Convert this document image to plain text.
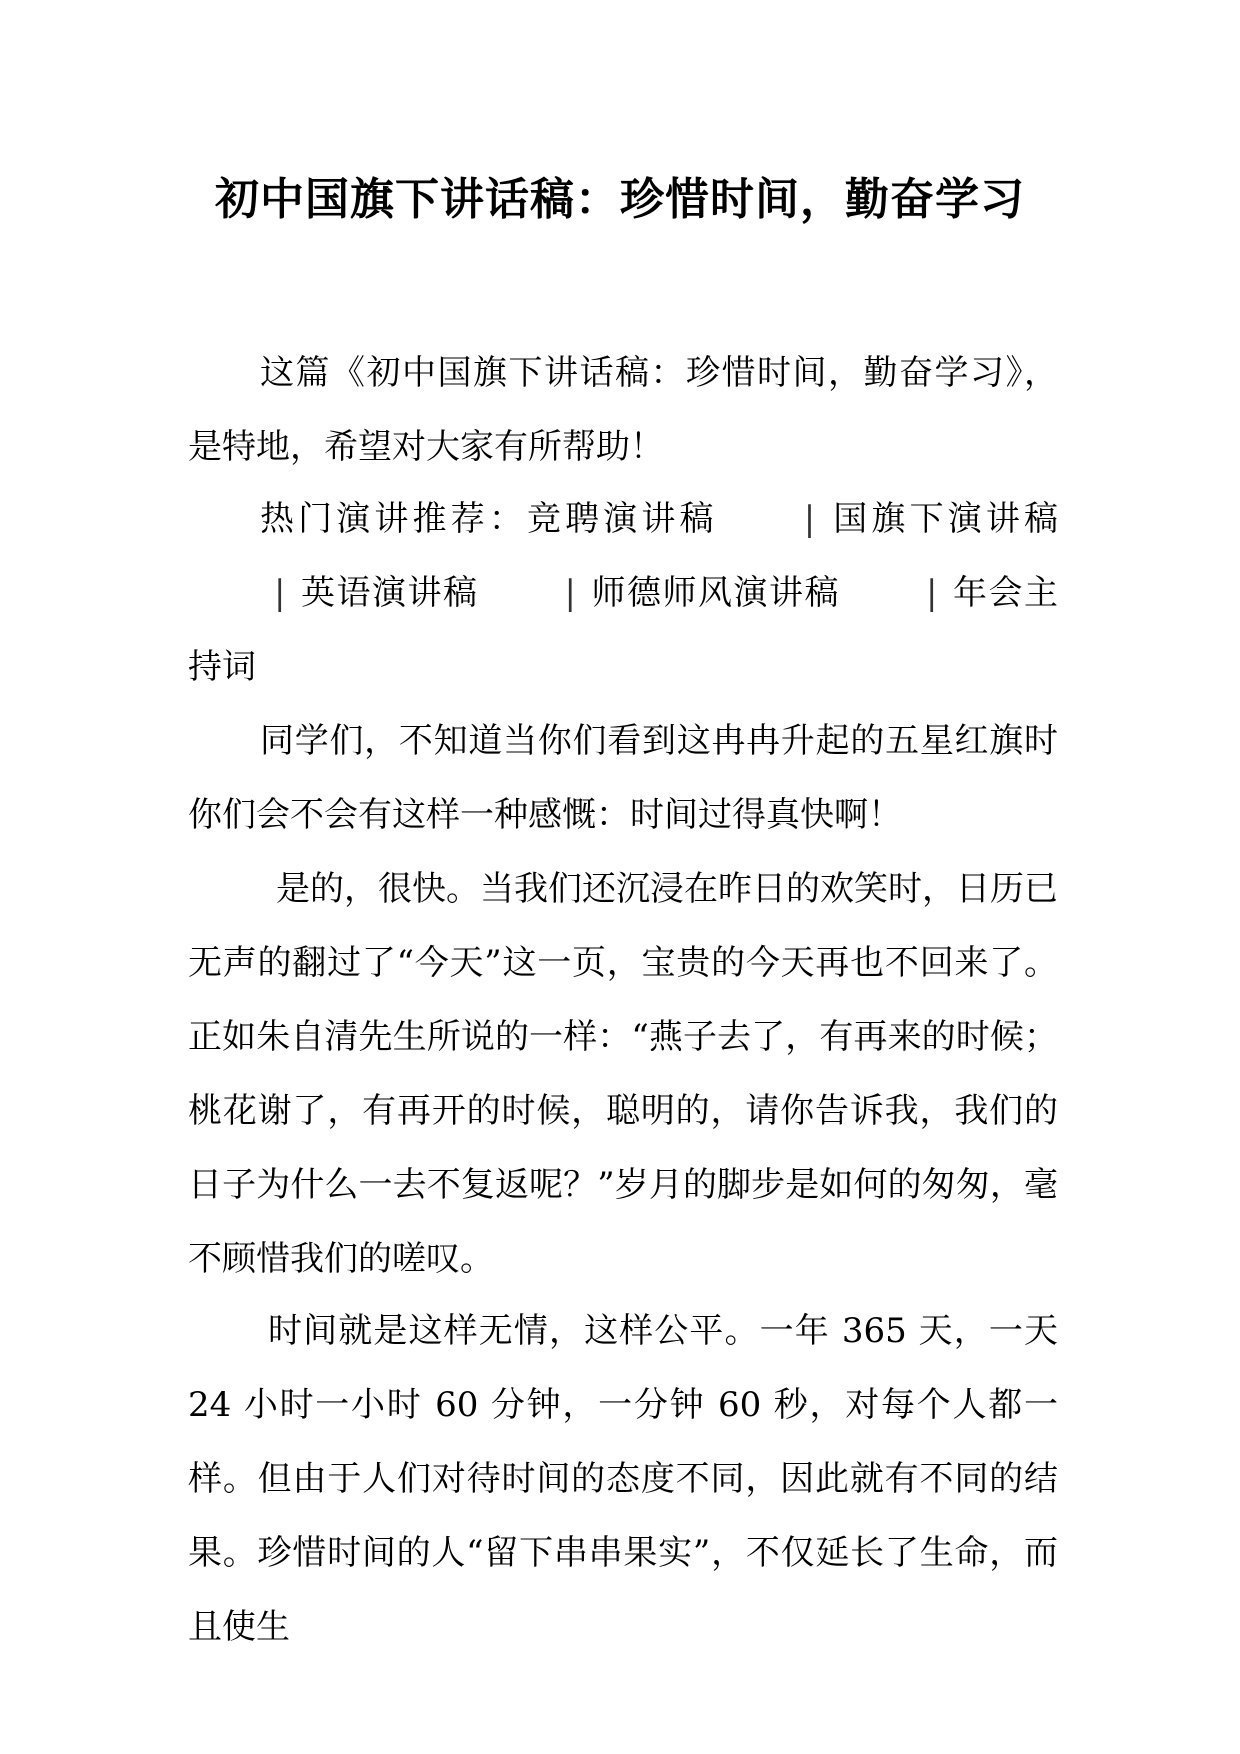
初中国旗下讲话稿：珍惜时间，勤奋学习

这篇《初中国旗下讲话稿：珍惜时间，勤奋学习》，是特地，希望对大家有所帮助！

热门演讲推荐：竞聘演讲稿	| 国旗下演讲稿| 英语演讲稿	| 师德师风演讲稿	| 年会主持词

同学们，不知道当你们看到这冉冉升起的五星红旗时你们会不会有这样一种感慨：时间过得真快啊！

是的，很快。当我们还沉浸在昨日的欢笑时，日历已无声的翻过了“今天”这一页，宝贵的今天再也不回来了。正如朱自清先生所说的一样：“燕子去了，有再来的时候；桃花谢了，有再开的时候，聪明的，请你告诉我，我们的日子为什么一去不复返呢？”岁月的脚步是如何的匆匆，毫不顾惜我们的嗟叹。

时间就是这样无情，这样公平。一年 365 天，一天 24 小时一小时 60 分钟，一分钟 60 秒，对每个人都一样。但由于人们对待时间的态度不同，因此就有不同的结果。珍惜时间的人“留下串串果实”，不仅延长了生命，而且使生
